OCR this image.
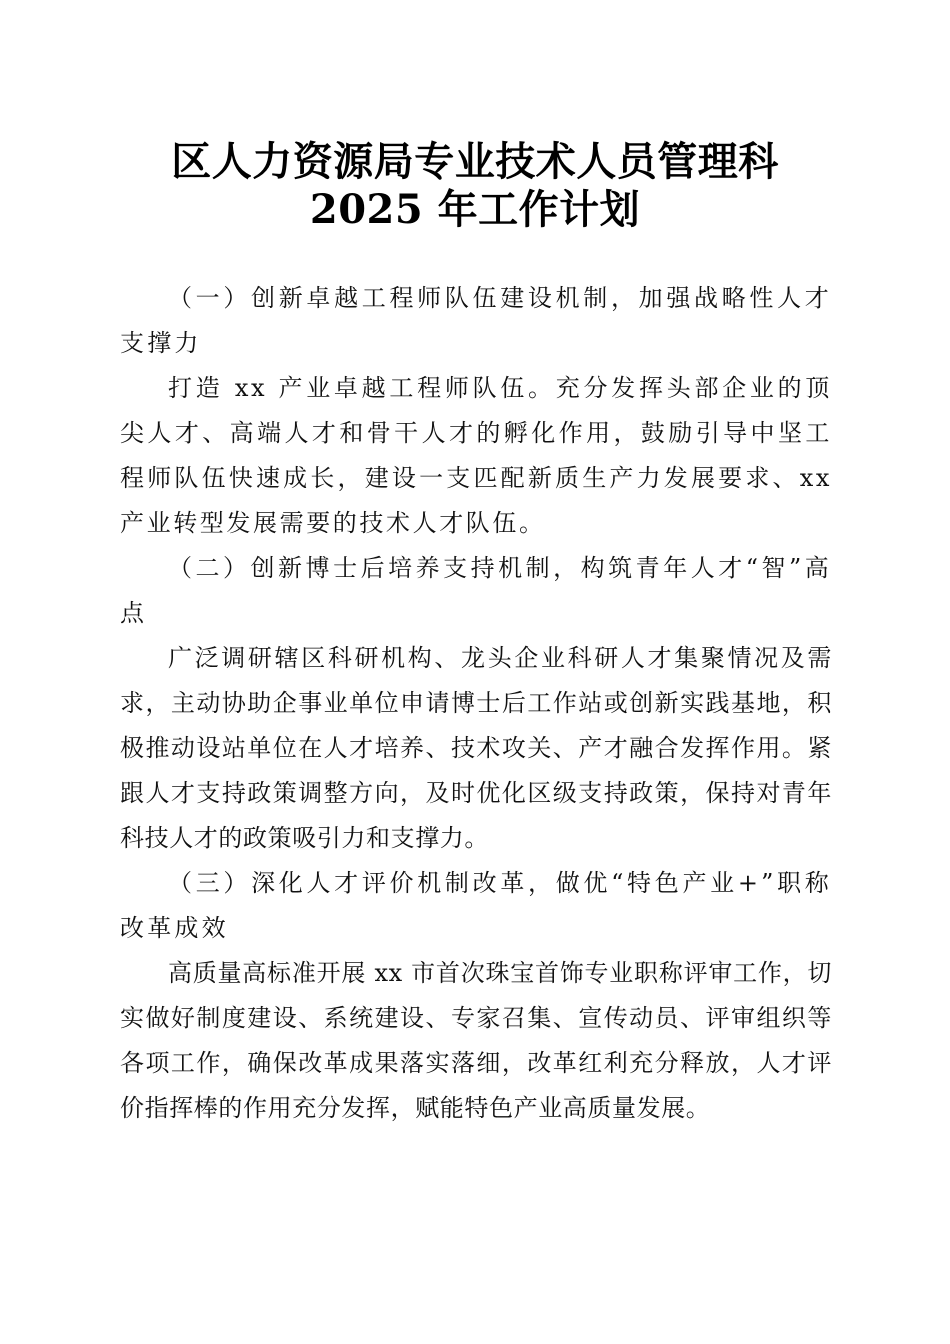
区人力资源局专业技术人员管理科 2025 年工作计划

（一）创新卓越工程师队伍建设机制，加强战略性人才支撑力

打造 xx 产业卓越工程师队伍。充分发挥头部企业的顶尖人才、高端人才和骨干人才的孵化作用，鼓励引导中坚工程师队伍快速成长，建设一支匹配新质生产力发展要求、xx 产业转型发展需要的技术人才队伍。

（二）创新博士后培养支持机制，构筑青年人才“智”高点

广泛调研辖区科研机构、龙头企业科研人才集聚情况及需求，主动协助企事业单位申请博士后工作站或创新实践基地，积极推动设站单位在人才培养、技术攻关、产才融合发挥作用。紧跟人才支持政策调整方向，及时优化区级支持政策，保持对青年科技人才的政策吸引力和支撑力。

（三）深化人才评价机制改革，做优“特色产业+”职称改革成效

高质量高标准开展 xx 市首次珠宝首饰专业职称评审工作，切实做好制度建设、系统建设、专家召集、宣传动员、评审组织等各项工作，确保改革成果落实落细，改革红利充分释放，人才评价指挥棒的作用充分发挥，赋能特色产业高质量发展。
